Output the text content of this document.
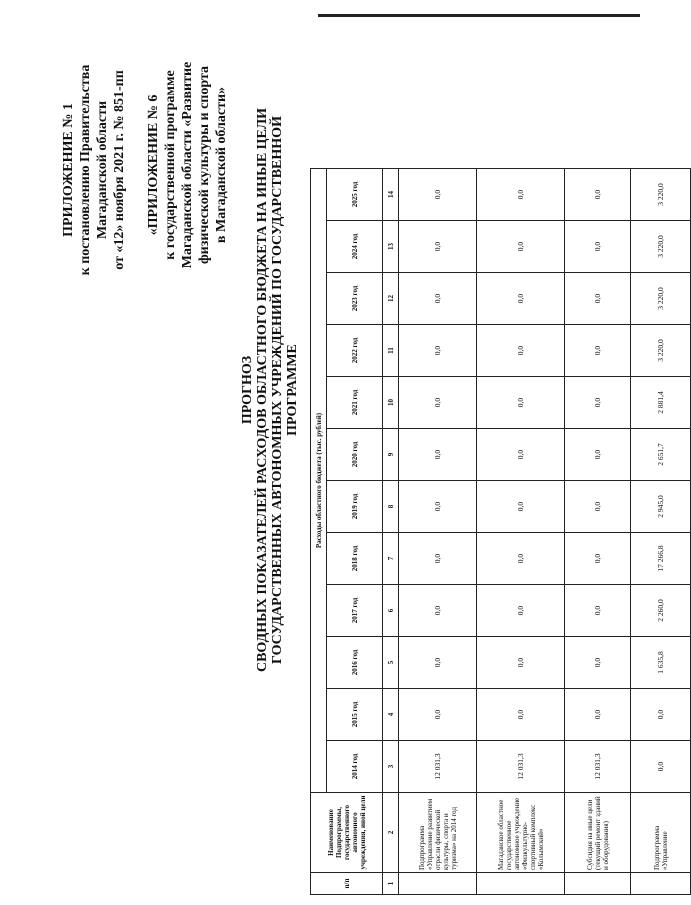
ПРИЛОЖЕНИЕ № 1 к постановлению Правительства Магаданской области от «12» ноября 2021 г. № 851-пп «ПРИЛОЖЕНИЕ № 6 к государственной программе Магаданской области «Развитие физической культуры и спорта в Магаданской области»
ПРОГНОЗ СВОДНЫХ ПОКАЗАТЕЛЕЙ РАСХОДОВ ОБЛАСТНОГО БЮДЖЕТА НА ИНЫЕ ЦЕЛИ ГОСУДАРСТВЕННЫХ АВТОНОМНЫХ УЧРЕЖДЕНИЙ ПО ГОСУДАРСТВЕННОЙ ПРОГРАММЕ
п/п	Наименование Подпрограммы, государственного автономного учреждения, иной цели	Расходы областного бюджета (тыс. рублей)											
		2014 год	2015 год	2016 год	2017 год	2018 год	2019 год	2020 год	2021 год	2022 год	2023 год	2024 год	2025 год
1	2	3	4	5	6	7	8	9	10	11	12	13	14
	Подпрограмма «Управление развитием отрасли физической культуры, спорта и туризма» на 2014 год	12 031,3	0,0	0,0	0,0	0,0	0,0	0,0	0,0	0,0	0,0	0,0	0,0
	Магаданское областное государственное автономное учреждение «Физкультурно-спортивный комплекс «Колымский»	12 031,3	0,0	0,0	0,0	0,0	0,0	0,0	0,0	0,0	0,0	0,0	0,0
	Субсидия на иные цели (текущий ремонт зданий и оборудования)	12 031,3	0,0	0,0	0,0	0,0	0,0	0,0	0,0	0,0	0,0	0,0	0,0
	Подпрограмма «Управление	0,0	0,0	1 635,8	2 260,0	17 266,8	2 945,0	2 651,7	2 881,4	3 220,0	3 220,0	3 220,0	3 220,0
